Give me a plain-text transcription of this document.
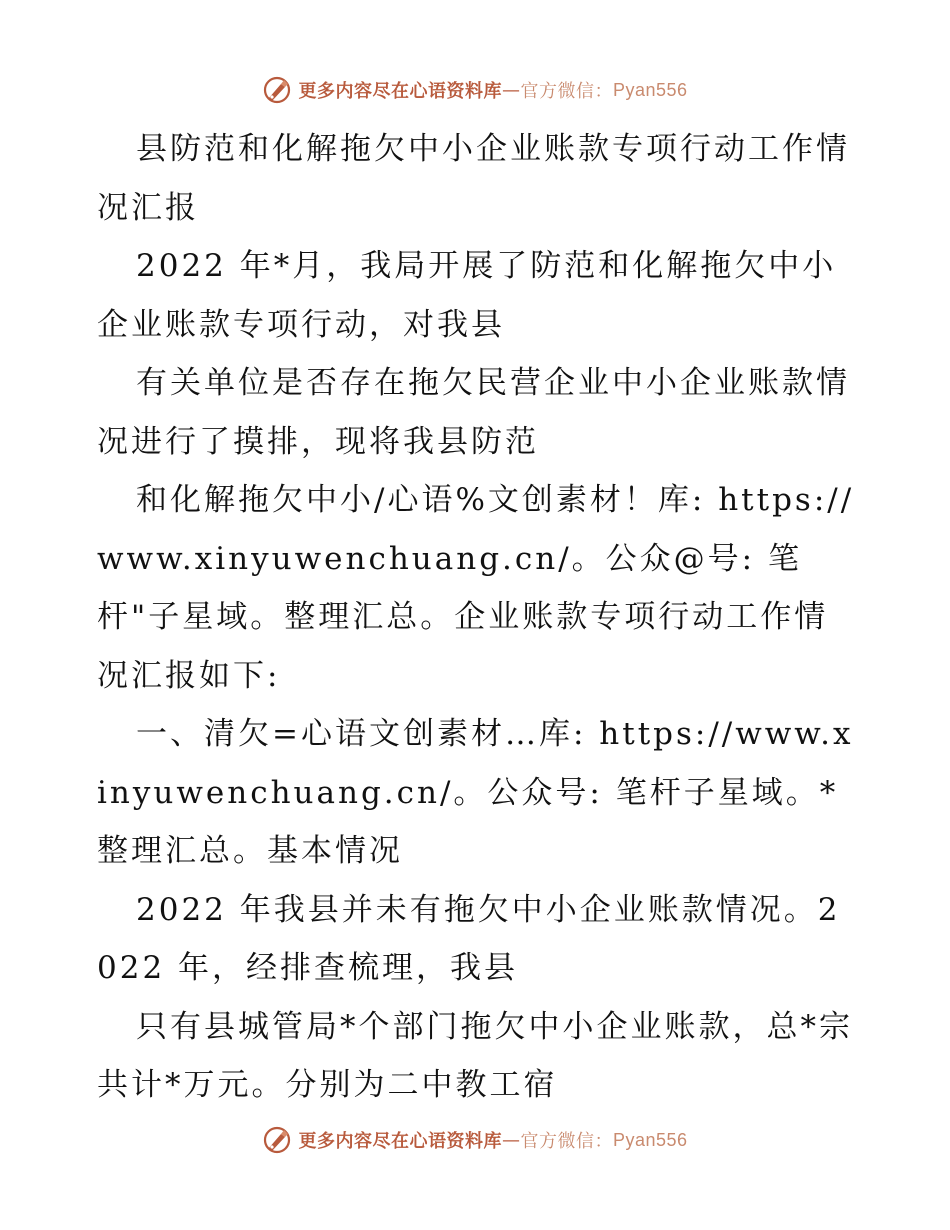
更多内容尽在心语资料库 — 官方微信： Pyan556

县防范和化解拖欠中小企业账款专项行动工作情况汇报

2022 年*月，我局开展了防范和化解拖欠中小企业账款专项行动，对我县

有关单位是否存在拖欠民营企业中小企业账款情况进行了摸排，现将我县防范

和化解拖欠中小/心语%文创素材！库: https://www.xinyuwenchuang.cn/。公众@号: 笔杆"子星域。整理汇总。企业账款专项行动工作情况汇报如下:

一、清欠=心语文创素材…库: https://www.xinyuwenchuang.cn/。公众号: 笔杆子星域。*整理汇总。基本情况

2022 年我县并未有拖欠中小企业账款情况。2022 年，经排查梳理，我县

只有县城管局*个部门拖欠中小企业账款，总*宗共计*万元。分别为二中教工宿

更多内容尽在心语资料库 — 官方微信： Pyan556
